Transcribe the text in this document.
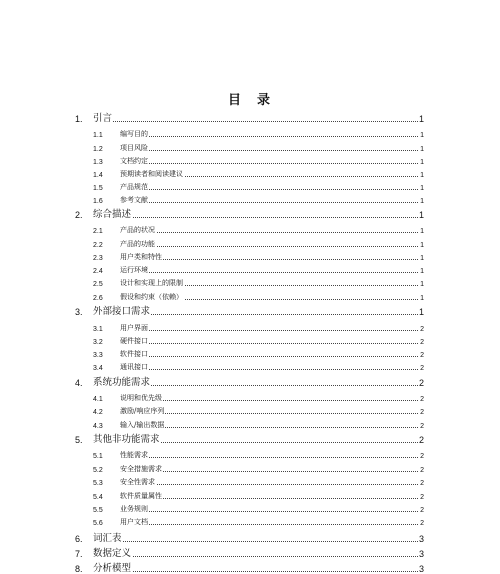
目 录
1. 引言	1
1.1 编写目的	1
1.2 项目风险	1
1.3 文档约定	1
1.4 预期读者和阅读建议	1
1.5 产品规范	1
1.6 参考文献	1
2. 综合描述	1
2.1 产品的状况	1
2.2 产品的功能	1
2.3 用户类和特性	1
2.4 运行环境	1
2.5 设计和实现上的限制	1
2.6 假设和约束（依赖）	1
3. 外部接口需求	1
3.1 用户界面	2
3.2 硬件接口	2
3.3 软件接口	2
3.4 通讯接口	2
4. 系统功能需求	2
4.1 说明和优先级	2
4.2 激励/响应序列	2
4.3 输入/输出数据	2
5. 其他非功能需求	2
5.1 性能需求	2
5.2 安全措施需求	2
5.3 安全性需求	2
5.4 软件质量属性	2
5.5 业务规则	2
5.6 用户文档	2
6. 词汇表	3
7. 数据定义	3
8. 分析模型	3
